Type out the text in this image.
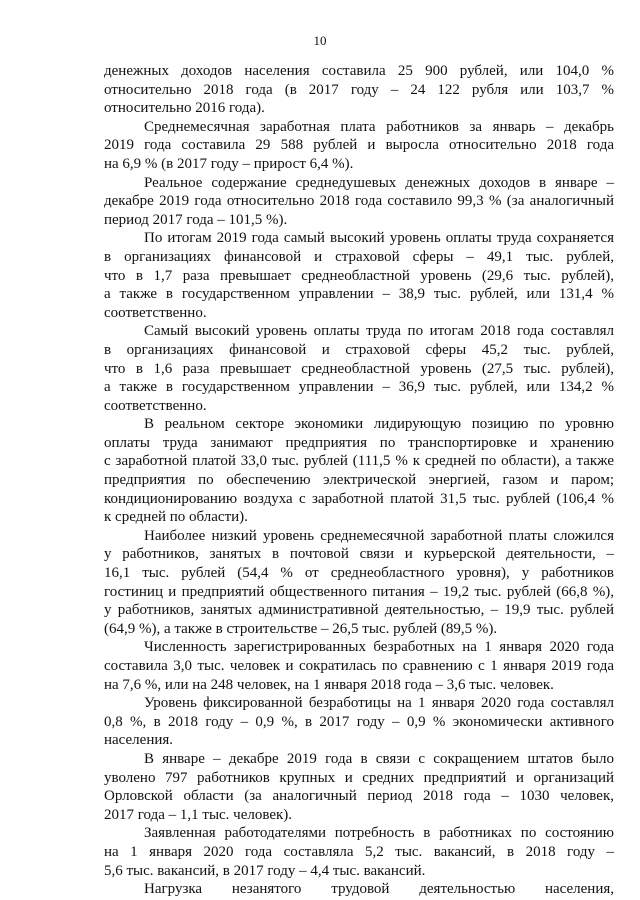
10
денежных доходов населения составила 25 900 рублей, или 104,0 %
относительно 2018 года (в 2017 году – 24 122 рубля или 103,7 %
относительно 2016 года).
Среднемесячная заработная плата работников за январь – декабрь
2019 года составила 29 588 рублей и выросла относительно 2018 года
на 6,9 % (в 2017 году – прирост 6,4 %).
Реальное содержание среднедушевых денежных доходов в январе –
декабре 2019 года относительно 2018 года составило 99,3 % (за аналогичный
период 2017 года – 101,5 %).
По итогам 2019 года самый высокий уровень оплаты труда сохраняется
в организациях финансовой и страховой сферы – 49,1 тыс. рублей,
что в 1,7 раза превышает среднеобластной уровень (29,6 тыс. рублей),
а также в государственном управлении – 38,9 тыс. рублей, или 131,4 %
соответственно.
Самый высокий уровень оплаты труда по итогам 2018 года составлял
в организациях финансовой и страховой сферы 45,2 тыс. рублей,
что в 1,6 раза превышает среднеобластной уровень (27,5 тыс. рублей),
а также в государственном управлении – 36,9 тыс. рублей, или 134,2 %
соответственно.
В реальном секторе экономики лидирующую позицию по уровню
оплаты труда занимают предприятия по транспортировке и хранению
с заработной платой 33,0 тыс. рублей (111,5 % к средней по области), а также
предприятия по обеспечению электрической энергией, газом и паром;
кондиционированию воздуха с заработной платой 31,5 тыс. рублей (106,4 %
к средней по области).
Наиболее низкий уровень среднемесячной заработной платы сложился
у работников, занятых в почтовой связи и курьерской деятельности, –
16,1 тыс. рублей (54,4 % от среднеобластного уровня), у работников
гостиниц и предприятий общественного питания – 19,2 тыс. рублей (66,8 %),
у работников, занятых административной деятельностью, – 19,9 тыс. рублей
(64,9 %), а также в строительстве – 26,5 тыс. рублей (89,5 %).
Численность зарегистрированных безработных на 1 января 2020 года
составила 3,0 тыс. человек и сократилась по сравнению с 1 января 2019 года
на 7,6 %, или на 248 человек, на 1 января 2018 года – 3,6 тыс. человек.
Уровень фиксированной безработицы на 1 января 2020 года составлял
0,8 %, в 2018 году – 0,9 %, в 2017 году – 0,9 % экономически активного
населения.
В январе – декабре 2019 года в связи с сокращением штатов было
уволено 797 работников крупных и средних предприятий и организаций
Орловской области (за аналогичный период 2018 года – 1030 человек,
2017 года – 1,1 тыс. человек).
Заявленная работодателями потребность в работниках по состоянию
на 1 января 2020 года составляла 5,2 тыс. вакансий, в 2018 году –
5,6 тыс. вакансий, в 2017 году – 4,4 тыс. вакансий.
Нагрузка незанятого трудовой деятельностью населения,
